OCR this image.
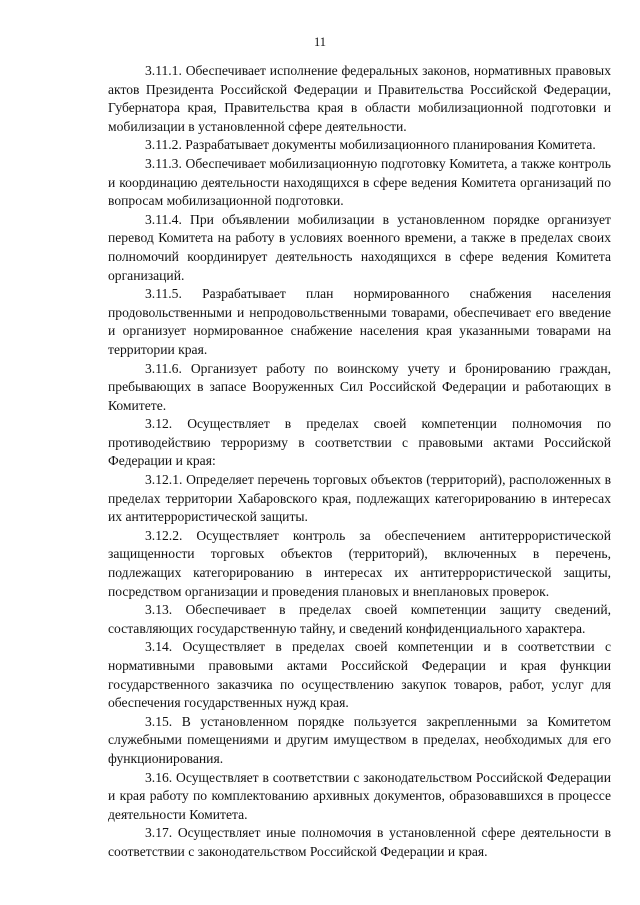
11

3.11.1. Обеспечивает исполнение федеральных законов, нормативных правовых актов Президента Российской Федерации и Правительства Российской Федерации, Губернатора края, Правительства края в области мобилизационной подготовки и мобилизации в установленной сфере деятельности.

3.11.2. Разрабатывает документы мобилизационного планирования Комитета.

3.11.3. Обеспечивает мобилизационную подготовку Комитета, а также контроль и координацию деятельности находящихся в сфере ведения Комитета организаций по вопросам мобилизационной подготовки.

3.11.4. При объявлении мобилизации в установленном порядке организует перевод Комитета на работу в условиях военного времени, а также в пределах своих полномочий координирует деятельность находящихся в сфере ведения Комитета организаций.

3.11.5. Разрабатывает план нормированного снабжения населения продовольственными и непродовольственными товарами, обеспечивает его введение и организует нормированное снабжение населения края указанными товарами на территории края.

3.11.6. Организует работу по воинскому учету и бронированию граждан, пребывающих в запасе Вооруженных Сил Российской Федерации и работающих в Комитете.

3.12. Осуществляет в пределах своей компетенции полномочия по противодействию терроризму в соответствии с правовыми актами Российской Федерации и края:

3.12.1. Определяет перечень торговых объектов (территорий), расположенных в пределах территории Хабаровского края, подлежащих категорированию в интересах их антитеррористической защиты.

3.12.2. Осуществляет контроль за обеспечением антитеррористической защищенности торговых объектов (территорий), включенных в перечень, подлежащих категорированию в интересах их антитеррористической защиты, посредством организации и проведения плановых и внеплановых проверок.

3.13. Обеспечивает в пределах своей компетенции защиту сведений, составляющих государственную тайну, и сведений конфиденциального характера.

3.14. Осуществляет в пределах своей компетенции и в соответствии с нормативными правовыми актами Российской Федерации и края функции государственного заказчика по осуществлению закупок товаров, работ, услуг для обеспечения государственных нужд края.

3.15. В установленном порядке пользуется закрепленными за Комитетом служебными помещениями и другим имуществом в пределах, необходимых для его функционирования.

3.16. Осуществляет в соответствии с законодательством Российской Федерации и края работу по комплектованию архивных документов, образовавшихся в процессе деятельности Комитета.

3.17. Осуществляет иные полномочия в установленной сфере деятельности в соответствии с законодательством Российской Федерации и края.
